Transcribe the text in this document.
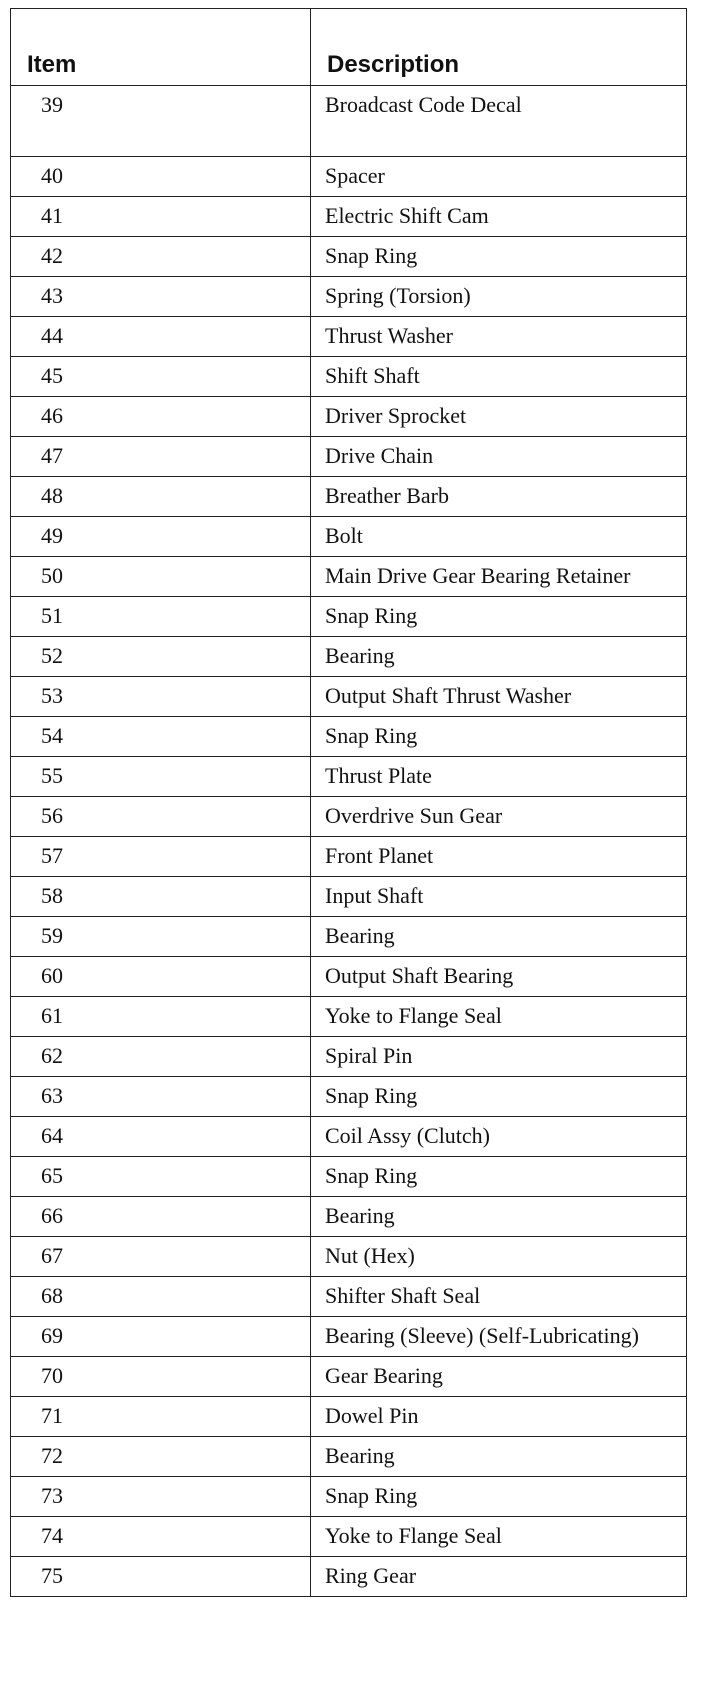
Item	Description
39	Broadcast Code Decal
40	Spacer
41	Electric Shift Cam
42	Snap Ring
43	Spring (Torsion)
44	Thrust Washer
45	Shift Shaft
46	Driver Sprocket
47	Drive Chain
48	Breather Barb
49	Bolt
50	Main Drive Gear Bearing Retainer
51	Snap Ring
52	Bearing
53	Output Shaft Thrust Washer
54	Snap Ring
55	Thrust Plate
56	Overdrive Sun Gear
57	Front Planet
58	Input Shaft
59	Bearing
60	Output Shaft Bearing
61	Yoke to Flange Seal
62	Spiral Pin
63	Snap Ring
64	Coil Assy (Clutch)
65	Snap Ring
66	Bearing
67	Nut (Hex)
68	Shifter Shaft Seal
69	Bearing (Sleeve) (Self-Lubricating)
70	Gear Bearing
71	Dowel Pin
72	Bearing
73	Snap Ring
74	Yoke to Flange Seal
75	Ring Gear
